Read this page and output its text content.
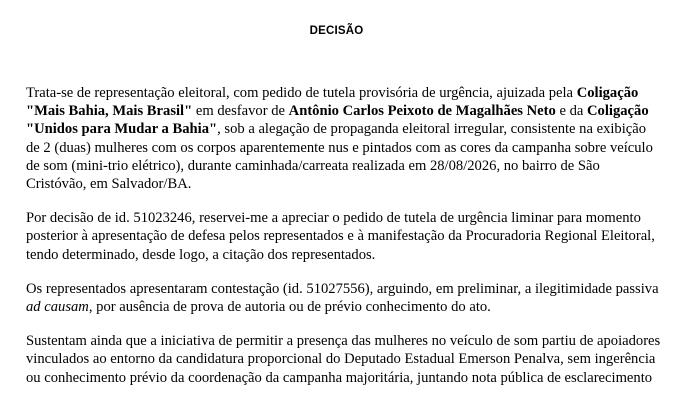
DECISÃO

Trata-se de representação eleitoral, com pedido de tutela provisória de urgência, ajuizada pela Coligação "Mais Bahia, Mais Brasil" em desfavor de Antônio Carlos Peixoto de Magalhães Neto e da Coligação "Unidos para Mudar a Bahia", sob a alegação de propaganda eleitoral irregular, consistente na exibição de 2 (duas) mulheres com os corpos aparentemente nus e pintados com as cores da campanha sobre veículo de som (mini-trio elétrico), durante caminhada/carreata realizada em 28/08/2026, no bairro de São Cristóvão, em Salvador/BA.

Por decisão de id. 51023246, reservei-me a apreciar o pedido de tutela de urgência liminar para momento posterior à apresentação de defesa pelos representados e à manifestação da Procuradoria Regional Eleitoral, tendo determinado, desde logo, a citação dos representados.

Os representados apresentaram contestação (id. 51027556), arguindo, em preliminar, a ilegitimidade passiva ad causam, por ausência de prova de autoria ou de prévio conhecimento do ato.

Sustentam ainda que a iniciativa de permitir a presença das mulheres no veículo de som partiu de apoiadores vinculados ao entorno da candidatura proporcional do Deputado Estadual Emerson Penalva, sem ingerência ou conhecimento prévio da coordenação da campanha majoritária, juntando nota pública de esclarecimento
